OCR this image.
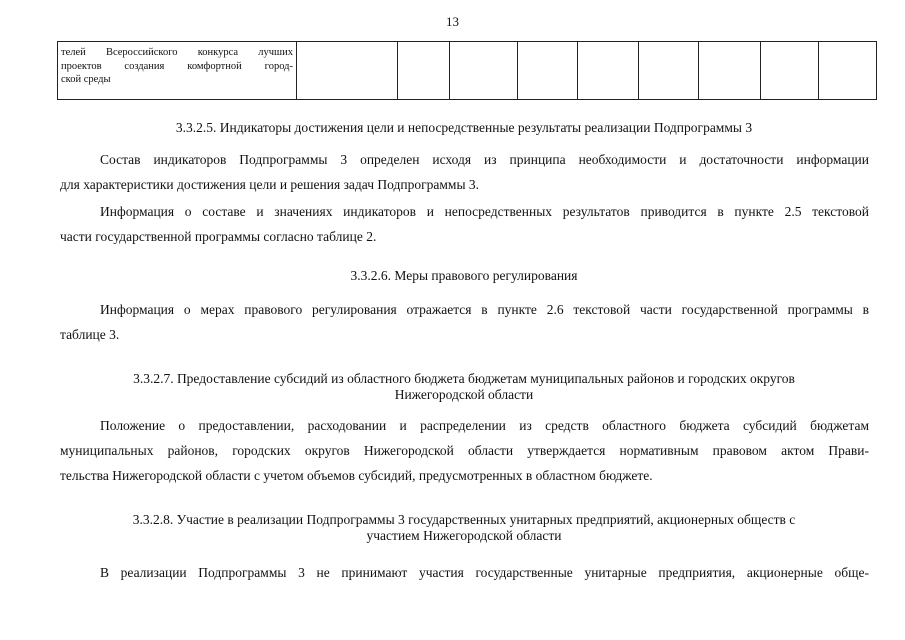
13
телей Всероссийского конкурса лучших
проектов создания комфортной город-
ской среды

3.3.2.5. Индикаторы достижения цели и непосредственные результаты реализации Подпрограммы 3
Состав индикаторов Подпрограммы 3 определен исходя из принципа необходимости и достаточности информации
для характеристики достижения цели и решения задач Подпрограммы 3.
Информация о составе и значениях индикаторов и непосредственных результатов приводится в пункте 2.5 текстовой
части государственной программы согласно таблице 2.
3.3.2.6. Меры правового регулирования
Информация о мерах правового регулирования отражается в пункте 2.6 текстовой части государственной программы в
таблице 3.
3.3.2.7. Предоставление субсидий из областного бюджета бюджетам муниципальных районов и городских округов
Нижегородской области
Положение о предоставлении, расходовании и распределении из средств областного бюджета субсидий бюджетам
муниципальных районов, городских округов Нижегородской области утверждается нормативным правовом актом Прави-
тельства Нижегородской области с учетом объемов субсидий, предусмотренных в областном бюджете.
3.3.2.8. Участие в реализации Подпрограммы 3 государственных унитарных предприятий, акционерных обществ с
участием Нижегородской области
В реализации Подпрограммы 3 не принимают участия государственные унитарные предприятия, акционерные обще-
